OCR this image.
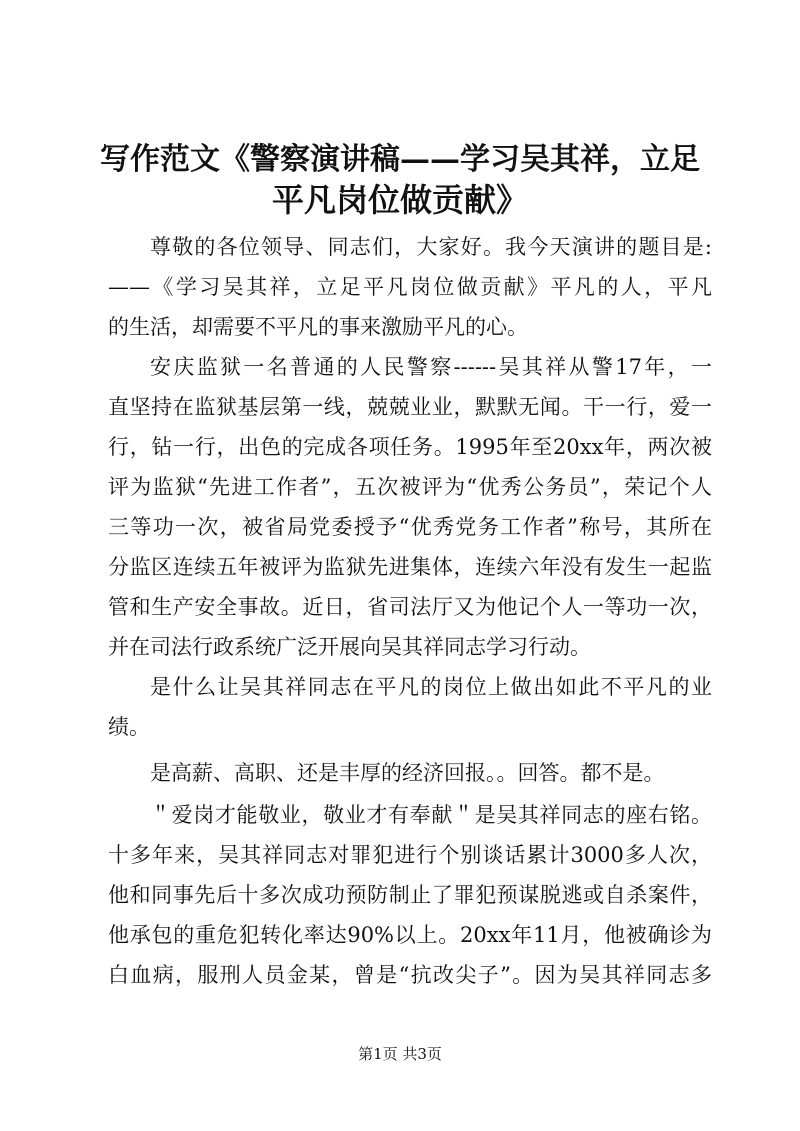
写作范文《警察演讲稿——学习吴其祥，立足
平凡岗位做贡献》
尊敬的各位领导、同志们，大家好。我今天演讲的题目是:
——《学习吴其祥，立足平凡岗位做贡献》平凡的人，平凡
的生活，却需要不平凡的事来激励平凡的心。
安庆监狱一名普通的人民警察------吴其祥从警17年，一
直坚持在监狱基层第一线，兢兢业业，默默无闻。干一行，爱一
行，钻一行，出色的完成各项任务。1995年至20xx年，两次被
评为监狱“先进工作者”，五次被评为“优秀公务员”，荣记个人
三等功一次，被省局党委授予“优秀党务工作者”称号，其所在
分监区连续五年被评为监狱先进集体，连续六年没有发生一起监
管和生产安全事故。近日，省司法厅又为他记个人一等功一次，
并在司法行政系统广泛开展向吴其祥同志学习行动。
是什么让吴其祥同志在平凡的岗位上做出如此不平凡的业
绩。
是高薪、高职、还是丰厚的经济回报。。回答。都不是。
＂爱岗才能敬业，敬业才有奉献＂是吴其祥同志的座右铭。
十多年来，吴其祥同志对罪犯进行个别谈话累计3000多人次，
他和同事先后十多次成功预防制止了罪犯预谋脱逃或自杀案件，
他承包的重危犯转化率达90%以上。20xx年11月，他被确诊为
白血病，服刑人员金某，曾是“抗改尖子”。因为吴其祥同志多
第1页 共3页
